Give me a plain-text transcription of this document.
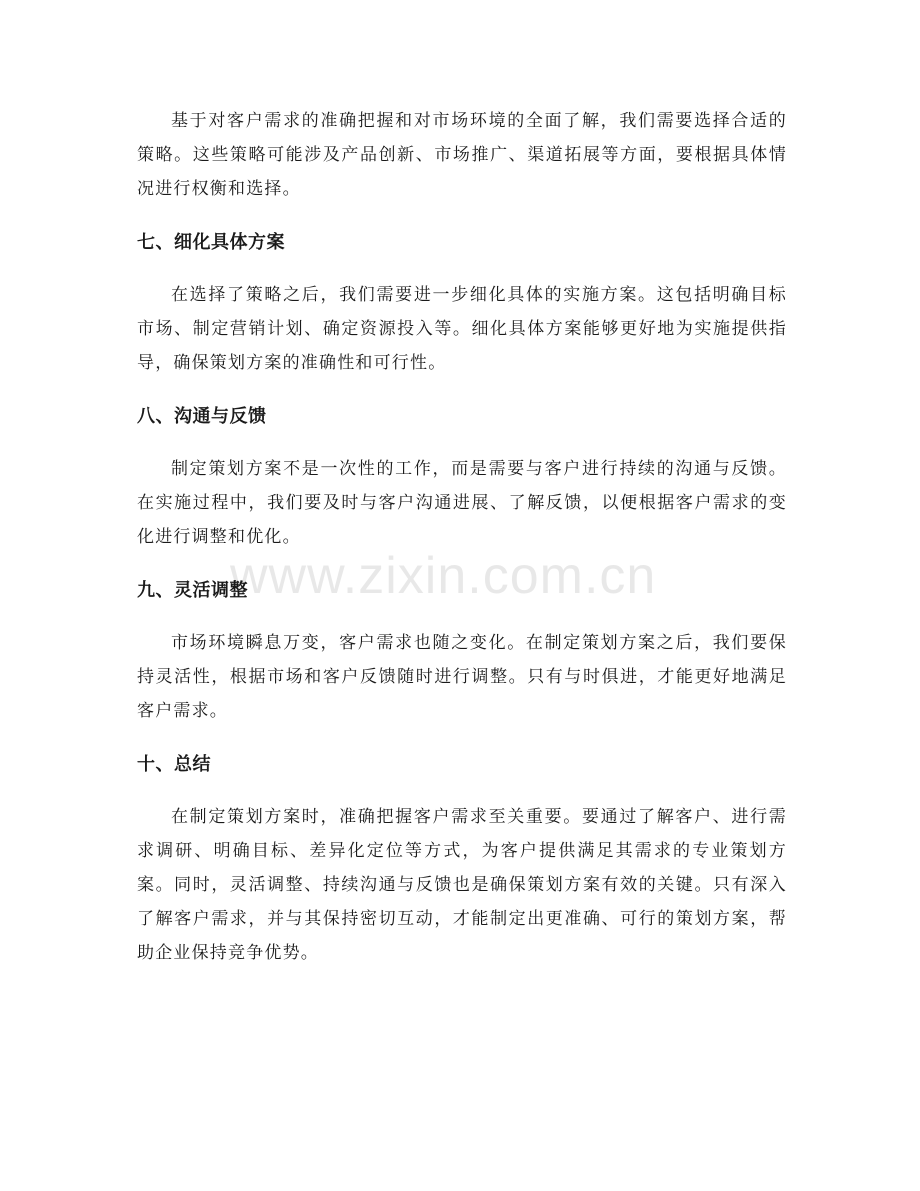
基于对客户需求的准确把握和对市场环境的全面了解，我们需要选择合适的策略。这些策略可能涉及产品创新、市场推广、渠道拓展等方面，要根据具体情况进行权衡和选择。

七、细化具体方案

在选择了策略之后，我们需要进一步细化具体的实施方案。这包括明确目标市场、制定营销计划、确定资源投入等。细化具体方案能够更好地为实施提供指导，确保策划方案的准确性和可行性。

八、沟通与反馈

制定策划方案不是一次性的工作，而是需要与客户进行持续的沟通与反馈。在实施过程中，我们要及时与客户沟通进展、了解反馈，以便根据客户需求的变化进行调整和优化。

九、灵活调整

市场环境瞬息万变，客户需求也随之变化。在制定策划方案之后，我们要保持灵活性，根据市场和客户反馈随时进行调整。只有与时俱进，才能更好地满足客户需求。

十、总结

在制定策划方案时，准确把握客户需求至关重要。要通过了解客户、进行需求调研、明确目标、差异化定位等方式，为客户提供满足其需求的专业策划方案。同时，灵活调整、持续沟通与反馈也是确保策划方案有效的关键。只有深入了解客户需求，并与其保持密切互动，才能制定出更准确、可行的策划方案，帮助企业保持竞争优势。

www.zixin.com.cn
